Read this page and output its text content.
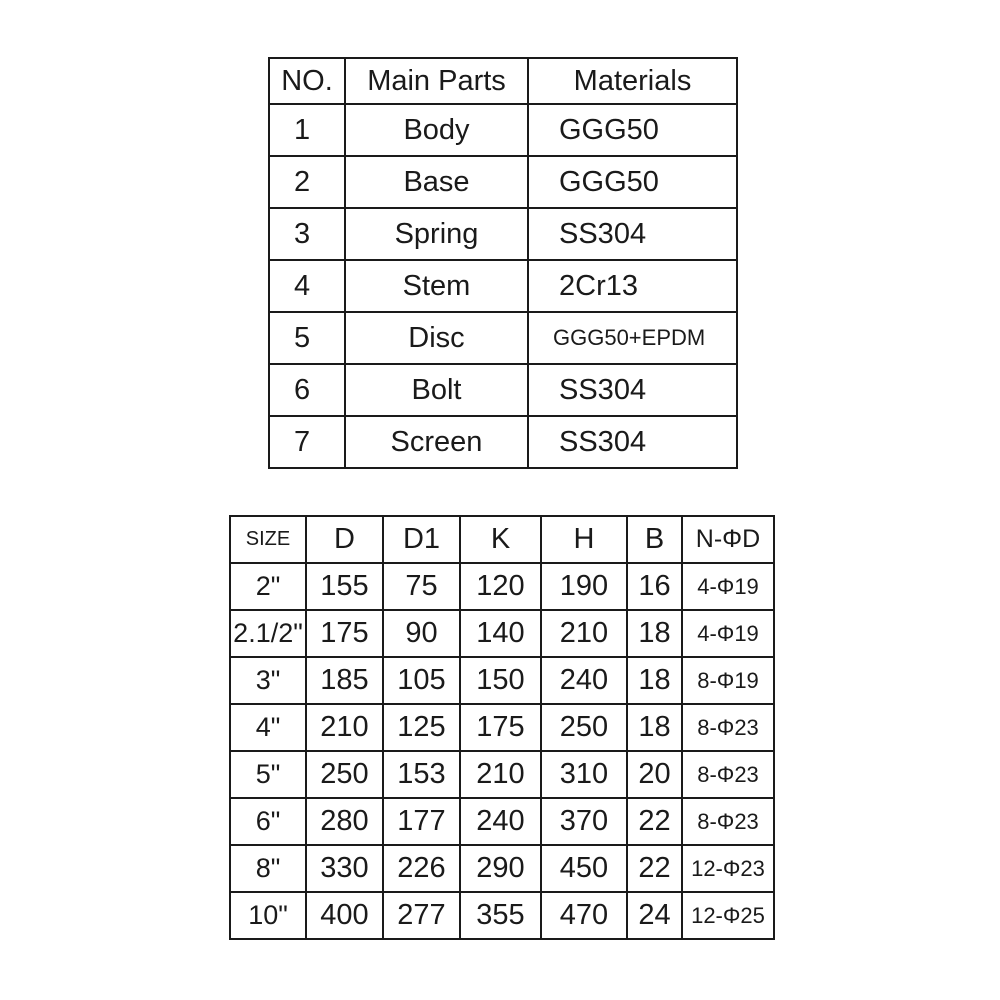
NO.	Main Parts	Materials
1	Body	GGG50
2	Base	GGG50
3	Spring	SS304
4	Stem	2Cr13
5	Disc	GGG50+EPDM
6	Bolt	SS304
7	Screen	SS304
SIZE	D	D1	K	H	B	N-ΦD
2"	155	75	120	190	16	4-Φ19
2.1/2"	175	90	140	210	18	4-Φ19
3"	185	105	150	240	18	8-Φ19
4"	210	125	175	250	18	8-Φ23
5"	250	153	210	310	20	8-Φ23
6"	280	177	240	370	22	8-Φ23
8"	330	226	290	450	22	12-Φ23
10"	400	277	355	470	24	12-Φ25
